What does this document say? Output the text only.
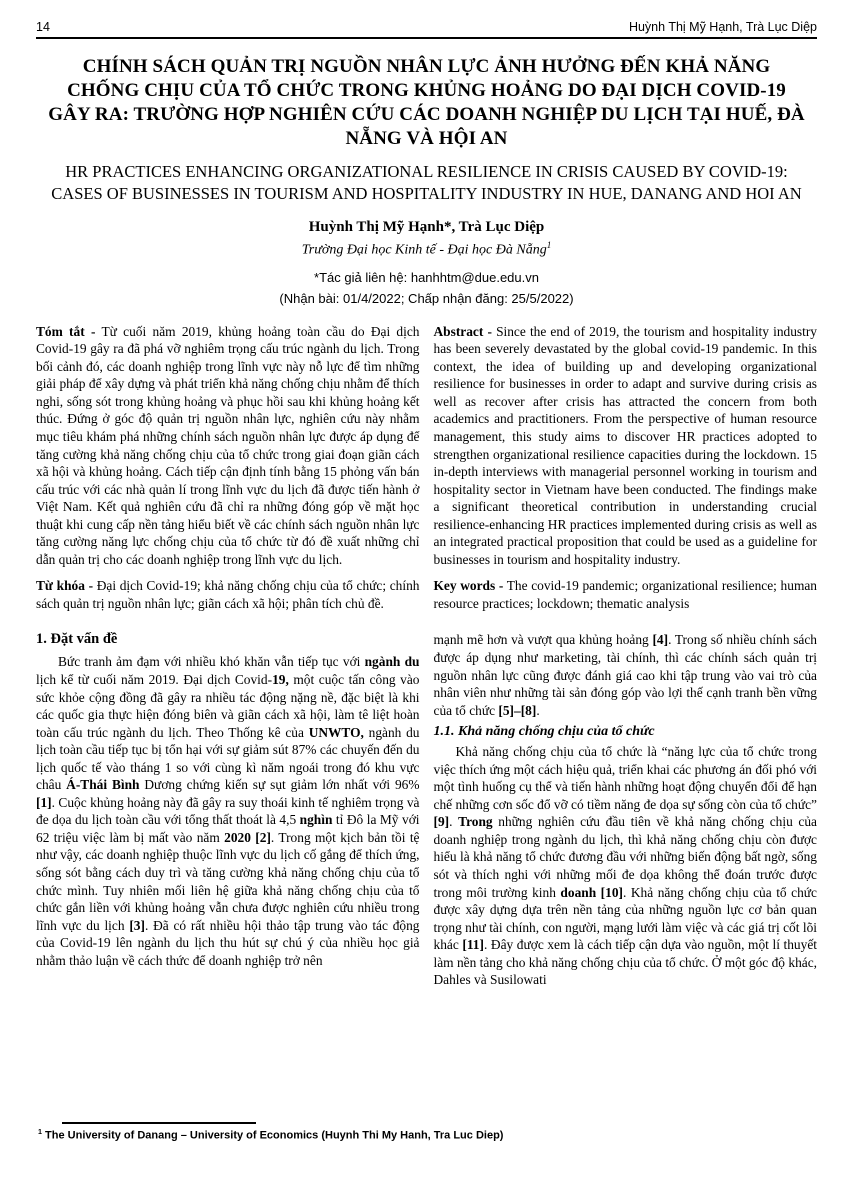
14	Huỳnh Thị Mỹ Hạnh, Trà Lục Diệp
CHÍNH SÁCH QUẢN TRỊ NGUỒN NHÂN LỰC ẢNH HƯỞNG ĐẾN KHẢ NĂNG CHỐNG CHỊU CỦA TỔ CHỨC TRONG KHỦNG HOẢNG DO ĐẠI DỊCH COVID-19 GÂY RA: TRƯỜNG HỢP NGHIÊN CỨU CÁC DOANH NGHIỆP DU LỊCH TẠI HUẾ, ĐÀ NẴNG VÀ HỘI AN
HR PRACTICES ENHANCING ORGANIZATIONAL RESILIENCE IN CRISIS CAUSED BY COVID-19: CASES OF BUSINESSES IN TOURISM AND HOSPITALITY INDUSTRY IN HUE, DANANG AND HOI AN
Huỳnh Thị Mỹ Hạnh*, Trà Lục Diệp
Trường Đại học Kinh tế - Đại học Đà Nẵng$^1$
*Tác giả liên hệ: hanhhtm@due.edu.vn
(Nhận bài: 01/4/2022; Chấp nhận đăng: 25/5/2022)

Tóm tắt - Từ cuối năm 2019, khủng hoảng toàn cầu do Đại dịch Covid-19 gây ra đã phá vỡ nghiêm trọng cấu trúc ngành du lịch. Trong bối cảnh đó, các doanh nghiệp trong lĩnh vực này nỗ lực để tìm những giải pháp để xây dựng và phát triển khả năng chống chịu nhằm để thích nghi, sống sót trong khủng hoảng và phục hồi sau khi khủng hoảng kết thúc. Đứng ở góc độ quản trị nguồn nhân lực, nghiên cứu này nhằm mục tiêu khám phá những chính sách nguồn nhân lực được áp dụng để tăng cường khả năng chống chịu của tổ chức trong giai đoạn giãn cách xã hội và khủng hoảng. Cách tiếp cận định tính bằng 15 phỏng vấn bán cấu trúc với các nhà quản lí trong lĩnh vực du lịch đã được tiến hành ở Việt Nam. Kết quả nghiên cứu đã chỉ ra những đóng góp về mặt học thuật khi cung cấp nền tảng hiểu biết về các chính sách nguồn nhân lực tăng cường năng lực chống chịu của tổ chức từ đó đề xuất những chỉ dẫn quản trị cho các doanh nghiệp trong lĩnh vực du lịch.

Từ khóa - Đại dịch Covid-19; khả năng chống chịu của tổ chức; chính sách quản trị nguồn nhân lực; giãn cách xã hội; phân tích chủ đề.

Abstract - Since the end of 2019, the tourism and hospitality industry has been severely devastated by the global covid-19 pandemic. In this context, the idea of building up and developing organizational resilience for businesses in order to adapt and survive during crisis as well as recover after crisis has attracted the concern from both academics and practitioners. From the perspective of human resource management, this study aims to discover HR practices adopted to strengthen organizational resilience capacities during the lockdown. 15 in-depth interviews with managerial personnel working in tourism and hospitality sector in Vietnam have been conducted. The findings make a significant theoretical contribution in understanding crucial resilience-enhancing HR practices implemented during crisis as well as an integrated practical proposition that could be used as a guideline for businesses in tourism and hospitality industry.

Key words - The covid-19 pandemic; organizational resilience; human resource practices; lockdown; thematic analysis

1. Đặt vấn đề

Bức tranh ảm đạm với nhiều khó khăn vẫn tiếp tục với ngành du lịch kể từ cuối năm 2019. Đại dịch Covid-19, một cuộc tấn công vào sức khỏe cộng đồng đã gây ra nhiều tác động nặng nề, đặc biệt là khi các quốc gia thực hiện đóng biên và giãn cách xã hội, làm tê liệt hoàn toàn cấu trúc ngành du lịch. Theo Thống kê của UNWTO, ngành du lịch toàn cầu tiếp tục bị tổn hại với sự giảm sút 87% các chuyến đến du lịch quốc tế vào tháng 1 so với cùng kì năm ngoái trong đó khu vực châu Á-Thái Bình Dương chứng kiến sự sụt giảm lớn nhất với 96% [1]. Cuộc khủng hoảng này đã gây ra suy thoái kinh tế nghiêm trọng và đe dọa du lịch toàn cầu với tổng thất thoát là 4,5 nghìn tỉ Đô la Mỹ với 62 triệu việc làm bị mất vào năm 2020 [2]. Trong một kịch bản tồi tệ như vậy, các doanh nghiệp thuộc lĩnh vực du lịch cố gắng để thích ứng, sống sót bằng cách duy trì và tăng cường khả năng chống chịu của tổ chức mình. Tuy nhiên mối liên hệ giữa khả năng chống chịu của tổ chức gắn liền với khủng hoảng vẫn chưa được nghiên cứu nhiều trong lĩnh vực du lịch [3]. Đã có rất nhiều hội thảo tập trung vào tác động của Covid-19 lên ngành du lịch thu hút sự chú ý của nhiều học giả nhằm thảo luận về cách thức để doanh nghiệp trở nên

mạnh mẽ hơn và vượt qua khủng hoảng [4]. Trong số nhiều chính sách được áp dụng như marketing, tài chính, thì các chính sách quản trị nguồn nhân lực cũng được đánh giá cao khi tập trung vào vai trò của nhân viên như những tài sản đóng góp vào lợi thế cạnh tranh bền vững của tổ chức [5]–[8].

1.1. Khả năng chống chịu của tổ chức

Khả năng chống chịu của tổ chức là “năng lực của tổ chức trong việc thích ứng một cách hiệu quả, triển khai các phương án đối phó với một tình huống cụ thể và tiến hành những hoạt động chuyển đổi để hạn chế những cơn sốc đổ vỡ có tiềm năng đe dọa sự sống còn của tổ chức” [9]. Trong những nghiên cứu đầu tiên về khả năng chống chịu của doanh nghiệp trong ngành du lịch, thì khả năng chống chịu còn được hiểu là khả năng tổ chức đương đầu với những biến động bất ngờ, sống sót và thích nghi với những mối đe dọa không thể đoán trước được trong môi trường kinh doanh [10]. Khả năng chống chịu của tổ chức được xây dựng dựa trên nền tảng của những nguồn lực cơ bản quan trọng như tài chính, con người, mạng lưới làm việc và các giá trị cốt lõi khác [11]. Đây được xem là cách tiếp cận dựa vào nguồn, một lí thuyết làm nền tảng cho khả năng chống chịu của tổ chức. Ở một góc độ khác, Dahles và Susilowati

$^1$ The University of Danang – University of Economics (Huynh Thi My Hanh, Tra Luc Diep)
